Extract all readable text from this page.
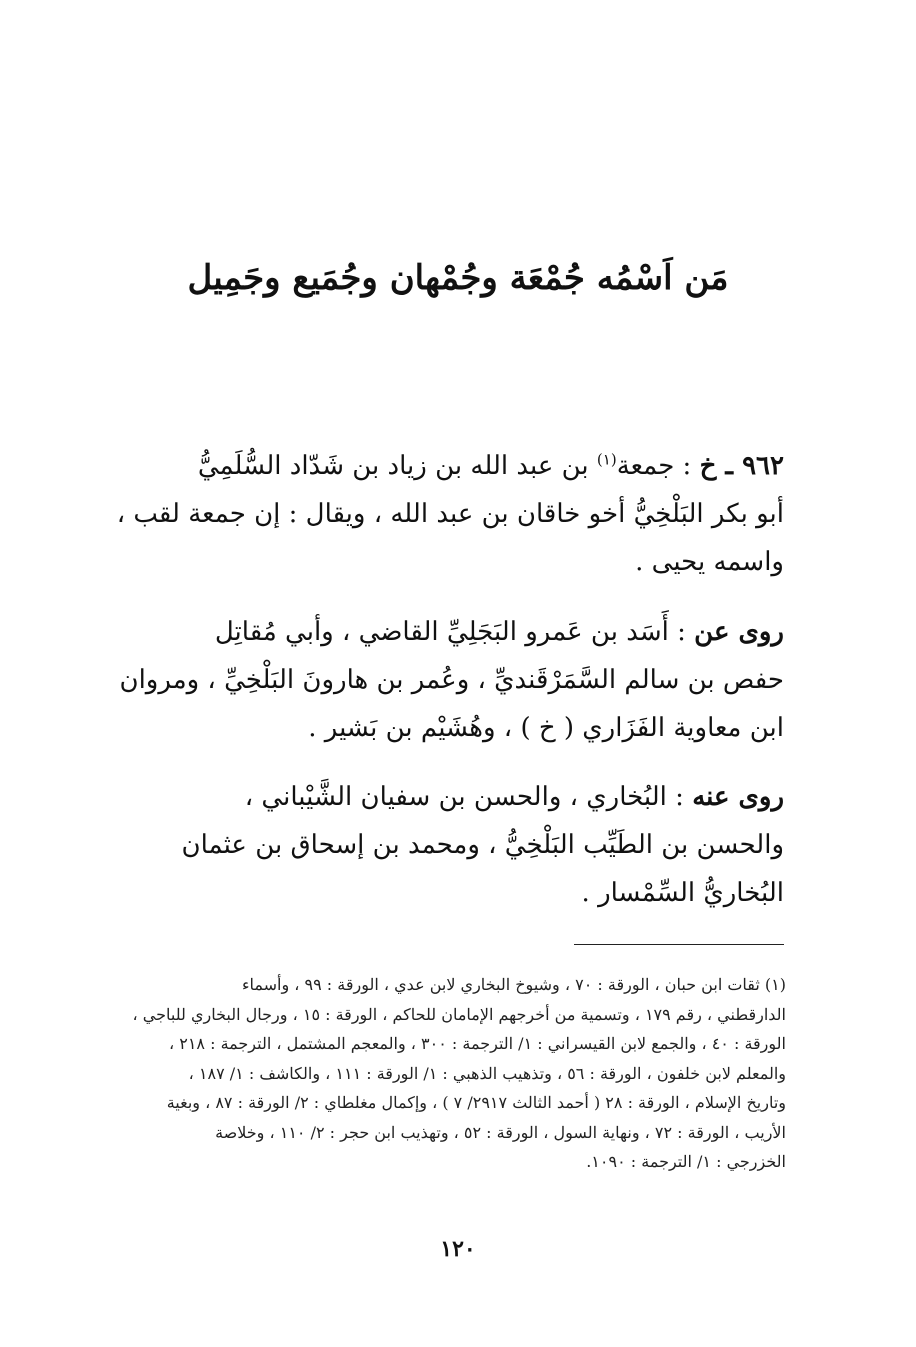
مَن اَسْمُه جُمْعَة وجُمْهان وجُمَيع وجَمِيل

٩٦٢ ـ خ : جمعة$^{(١)}$ بن عبد الله بن زياد بن شَدّاد السُّلَمِيُّ
أبو بكر البَلْخِيُّ أخو خاقان بن عبد الله ، ويقال : إن جمعة لقب ،
واسمه يحيى .

روى عن : أَسَد بن عَمرو البَجَلِيِّ القاضي ، وأبي مُقاتِل
حفص بن سالم السَّمَرْقَنديِّ ، وعُمر بن هارونَ البَلْخِيِّ ، ومروان
ابن معاوية الفَزَاري ( خ ) ، وهُشَيْم بن بَشير .

روى عنه : البُخاري ، والحسن بن سفيان الشَّيْباني ،
والحسن بن الطَيِّب البَلْخِيُّ ، ومحمد بن إسحاق بن عثمان
البُخاريُّ السِّمْسار .

(١) ثقات ابن حبان ، الورقة : ٧٠ ، وشيوخ البخاري لابن عدي ، الورقة : ٩٩ ، وأسماء
الدارقطني ، رقم ١٧٩ ، وتسمية من أخرجهم الإمامان للحاكم ، الورقة : ١٥ ، ورجال البخاري للباجي ،
الورقة : ٤٠ ، والجمع لابن القيسراني : ١/ الترجمة : ٣٠٠ ، والمعجم المشتمل ، الترجمة : ٢١٨ ،
والمعلم لابن خلفون ، الورقة : ٥٦ ، وتذهيب الذهبي : ١/ الورقة : ١١١ ، والكاشف : ١/ ١٨٧ ،
وتاريخ الإسلام ، الورقة : ٢٨ ( أحمد الثالث ٢٩١٧/ ٧ ) ، وإكمال مغلطاي : ٢/ الورقة : ٨٧ ، وبغية
الأريب ، الورقة : ٧٢ ، ونهاية السول ، الورقة : ٥٢ ، وتهذيب ابن حجر : ٢/ ١١٠ ، وخلاصة
الخزرجي : ١/ الترجمة : ١٠٩٠.
١٢٠
